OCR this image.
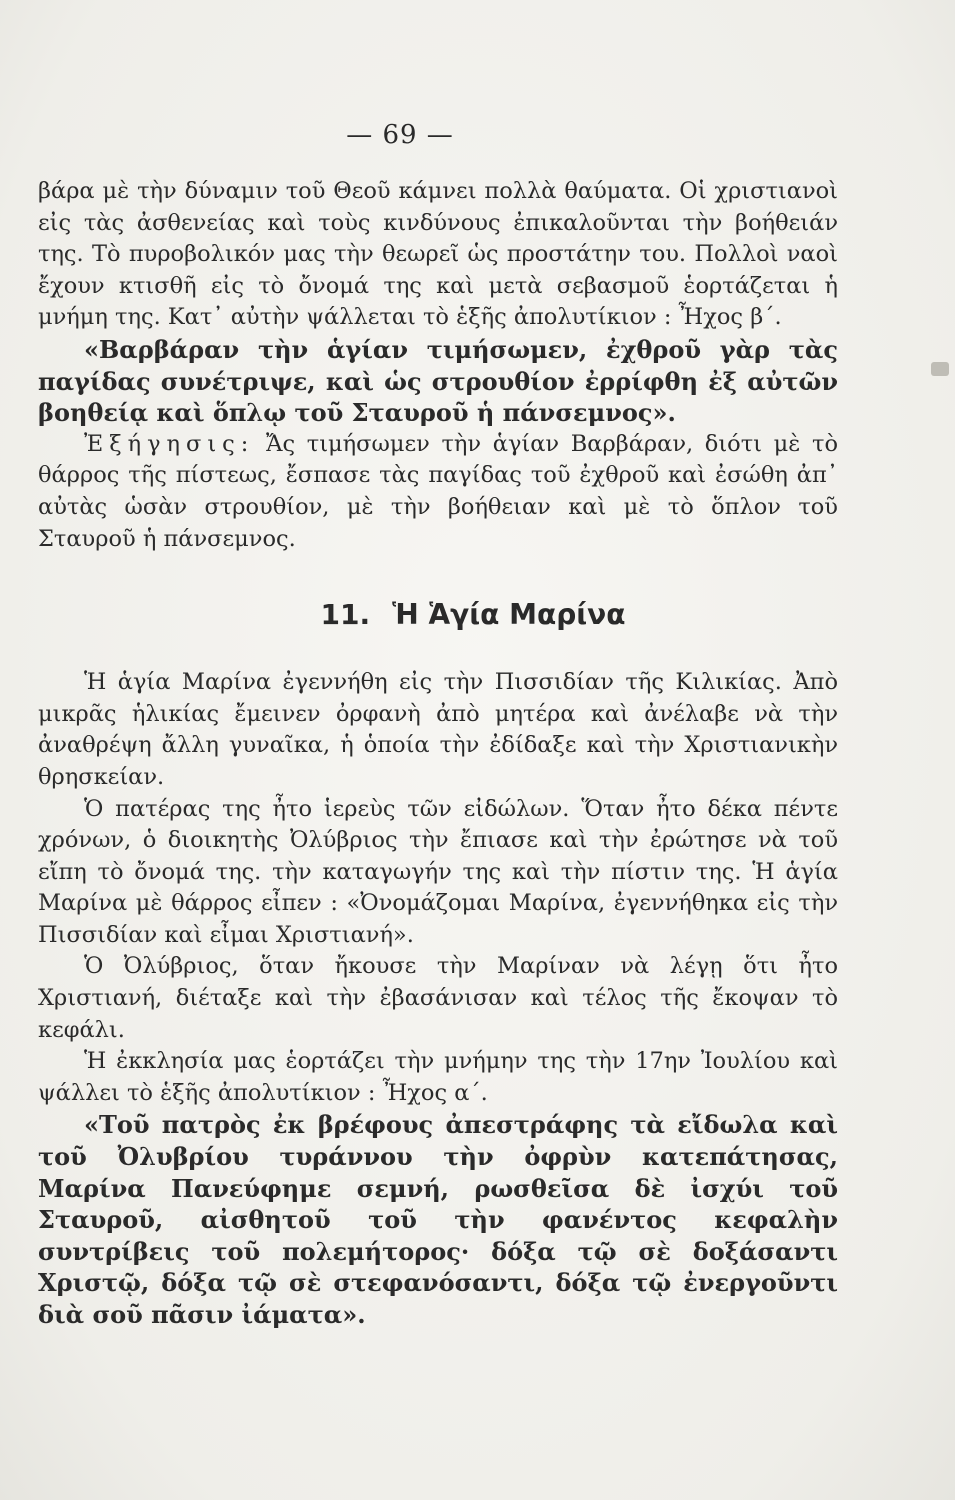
— 69 —

βάρα μὲ τὴν δύναμιν τοῦ Θεοῦ κάμνει πολλὰ θαύματα. Οἱ χριστιανοὶ εἰς τὰς ἀσθενείας καὶ τοὺς κινδύνους ἐπικαλοῦνται τὴν βοήθειάν της. Τὸ πυροβολικόν μας τὴν θεωρεῖ ὡς προστάτην του. Πολλοὶ ναοὶ ἔχουν κτισθῆ εἰς τὸ ὄνομά της καὶ μετὰ σεβασμοῦ ἑορτάζεται ἡ μνήμη της. Κατ᾿ αὐτὴν ψάλλεται τὸ ἑξῆς ἀπολυτίκιον : Ἦχος β΄.

«Βαρβάραν τὴν ἁγίαν τιμήσωμεν, ἐχθροῦ γὰρ τὰς παγίδας συνέτριψε, καὶ ὡς στρουθίον ἐρρίφθη ἐξ αὐτῶν βοηθείᾳ καὶ ὅπλῳ τοῦ Σταυροῦ ἡ πάνσεμνος».

Ἐξήγησις: Ἄς τιμήσωμεν τὴν ἁγίαν Βαρβάραν, διότι μὲ τὸ θάρρος τῆς πίστεως, ἔσπασε τὰς παγίδας τοῦ ἐχθροῦ καὶ ἐσώθη ἀπ᾿ αὐτὰς ὡσὰν στρουθίον, μὲ τὴν βοήθειαν καὶ μὲ τὸ ὅπλον τοῦ Σταυροῦ ἡ πάνσεμνος.

11. Ἡ Ἁγία Μαρίνα

Ἡ ἁγία Μαρίνα ἐγεννήθη εἰς τὴν Πισσιδίαν τῆς Κιλικίας. Ἀπὸ μικρᾶς ἡλικίας ἔμεινεν ὀρφανὴ ἀπὸ μητέρα καὶ ἀνέλαβε νὰ τὴν ἀναθρέψη ἄλλη γυναῖκα, ἡ ὁποία τὴν ἐδίδαξε καὶ τὴν Χριστιανικὴν θρησκείαν.

Ὁ πατέρας της ἦτο ἱερεὺς τῶν εἰδώλων. Ὅταν ἦτο δέκα πέντε χρόνων, ὁ διοικητὴς Ὀλύβριος τὴν ἔπιασε καὶ τὴν ἐρώτησε νὰ τοῦ εἴπη τὸ ὄνομά της. τὴν καταγωγήν της καὶ τὴν πίστιν της. Ἡ ἁγία Μαρίνα μὲ θάρρος εἶπεν : «Ὀνομάζομαι Μαρίνα, ἐγεννήθηκα εἰς τὴν Πισσιδίαν καὶ εἶμαι Χριστιανή».

Ὁ Ὀλύβριος, ὅταν ἤκουσε τὴν Μαρίναν νὰ λέγῃ ὅτι ἦτο Χριστιανή, διέταξε καὶ τὴν ἐβασάνισαν καὶ τέλος τῆς ἔκοψαν τὸ κεφάλι.

Ἡ ἐκκλησία μας ἑορτάζει τὴν μνήμην της τὴν 17ην Ἰουλίου καὶ ψάλλει τὸ ἑξῆς ἀπολυτίκιον : Ἦχος α΄.

«Τοῦ πατρὸς ἐκ βρέφους ἀπεστράφης τὰ εἴδωλα καὶ τοῦ Ὀλυβρίου τυράννου τὴν ὀφρὺν κατεπάτησας, Μαρίνα Πανεύφημε σεμνή, ρωσθεῖσα δὲ ἰσχύι τοῦ Σταυροῦ, αἰσθητοῦ τοῦ τὴν φανέντος κεφαλὴν συντρίβεις τοῦ πολεμήτορος· δόξα τῷ σὲ δοξάσαντι Χριστῷ, δόξα τῷ σὲ στεφανόσαντι, δόξα τῷ ἐνεργοῦντι διὰ σοῦ πᾶσιν ἰάματα».
